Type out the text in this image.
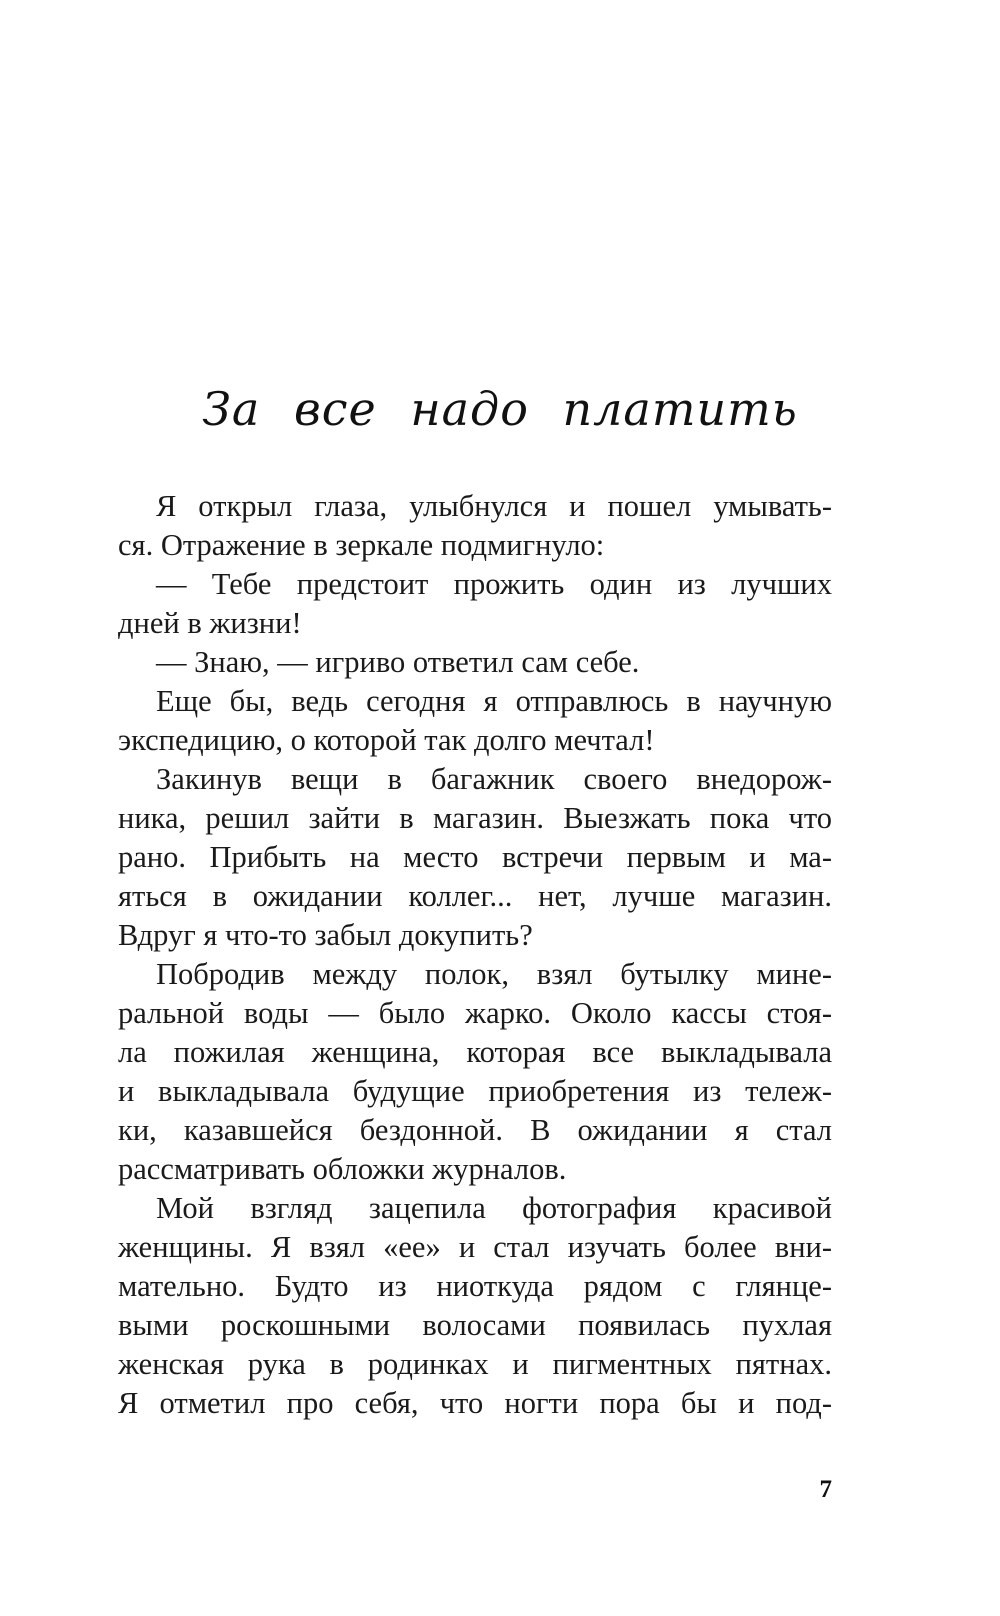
За все надо платить
Я открыл глаза, улыбнулся и пошел умывать-
ся. Отражение в зеркале подмигнуло:
— Тебе предстоит прожить один из лучших
дней в жизни!
— Знаю, — игриво ответил сам себе.
Еще бы, ведь сегодня я отправлюсь в научную
экспедицию, о которой так долго мечтал!
Закинув вещи в багажник своего внедорож-
ника, решил зайти в магазин. Выезжать пока что
рано. Прибыть на место встречи первым и ма-
яться в ожидании коллег... нет, лучше магазин.
Вдруг я что-то забыл докупить?
Побродив между полок, взял бутылку мине-
ральной воды — было жарко. Около кассы стоя-
ла пожилая женщина, которая все выкладывала
и выкладывала будущие приобретения из тележ-
ки, казавшейся бездонной. В ожидании я стал
рассматривать обложки журналов.
Мой взгляд зацепила фотография красивой
женщины. Я взял «ее» и стал изучать более вни-
мательно. Будто из ниоткуда рядом с глянце-
выми роскошными волосами появилась пухлая
женская рука в родинках и пигментных пятнах.
Я отметил про себя, что ногти пора бы и под-
7
